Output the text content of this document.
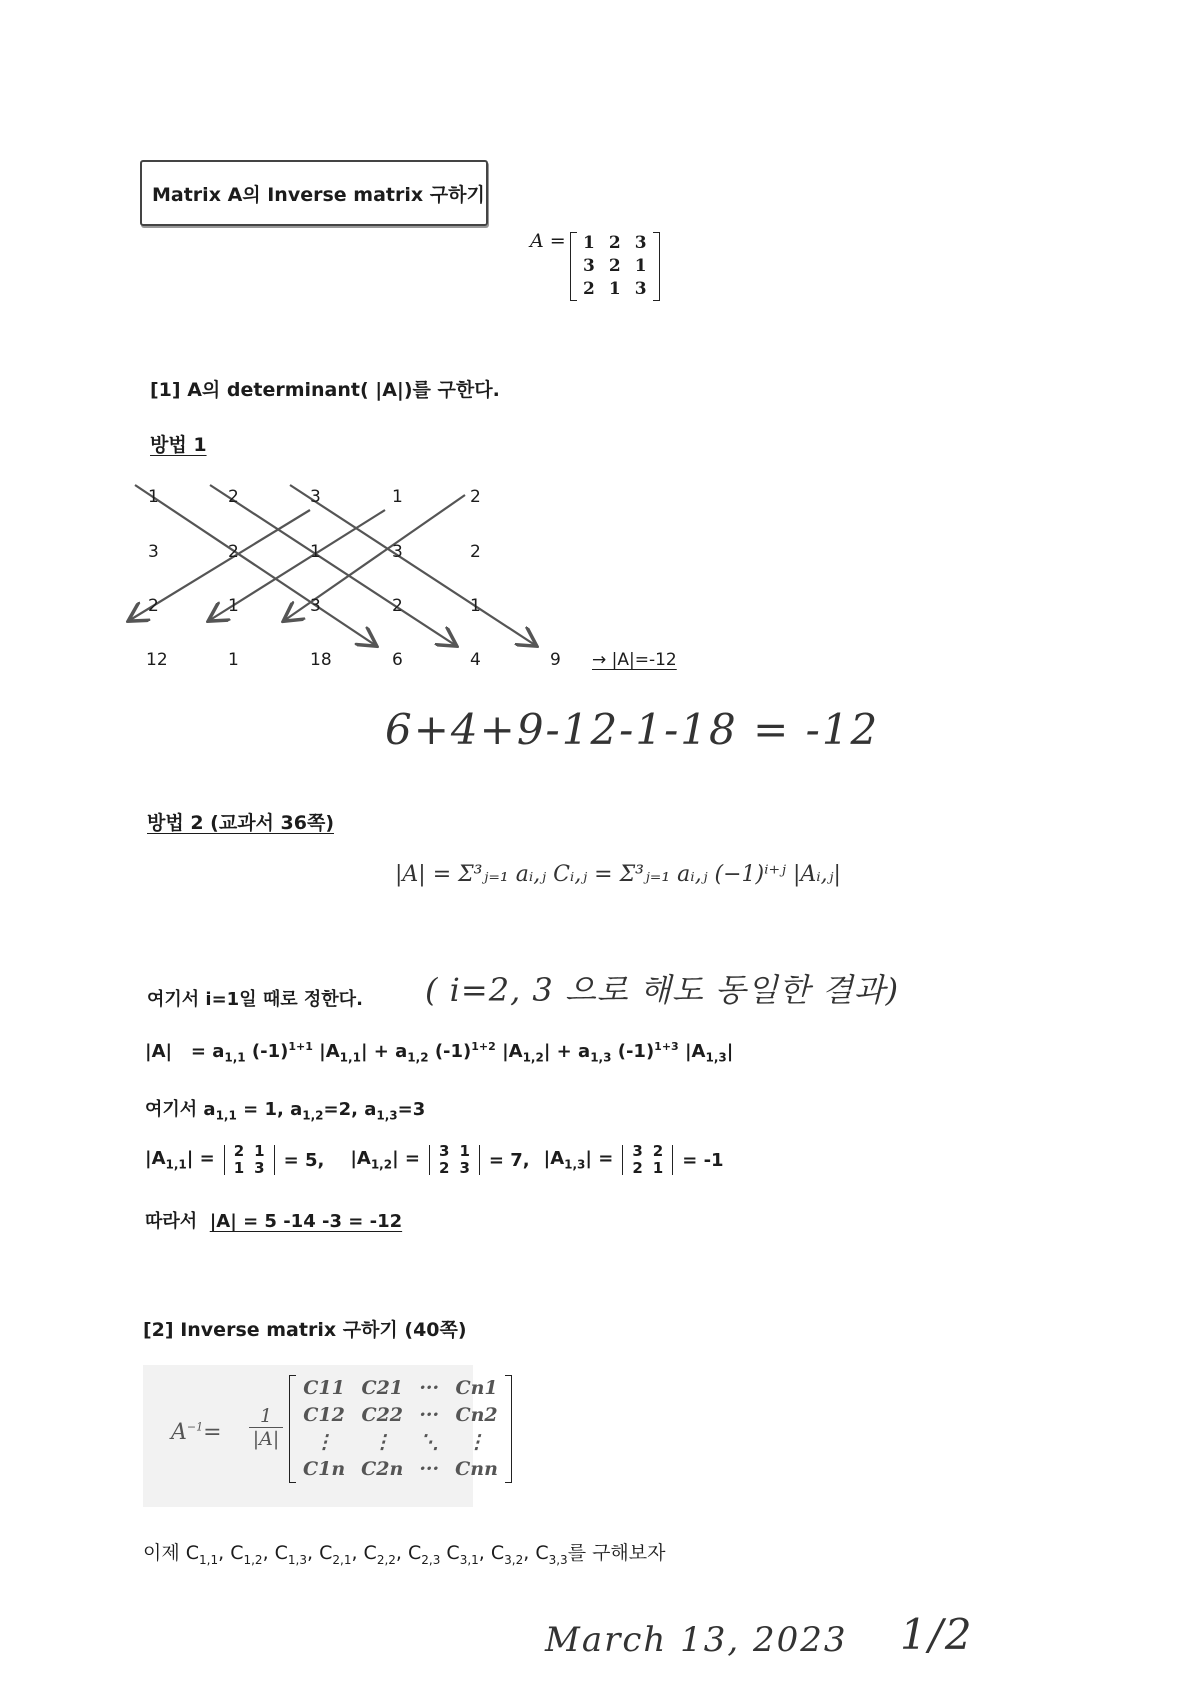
Matrix A의 Inverse matrix 구하기
A = 1	2	3
3	2	1
2	1	3
[1] A의 determinant( |A|)를 구한다.
방법 1
1	2	3	1	2
3	2	1	3	2
2	1	3	2	1
12	1	18	6	4	9 → |A|=-12
6+4+9-12-1-18 = -12
방법 2 (교과서 36쪽)
|A| = Σ³ⱼ₌₁ aᵢ,ⱼ Cᵢ,ⱼ = Σ³ⱼ₌₁ aᵢ,ⱼ (−1)ⁱ⁺ʲ |Aᵢ,ⱼ|
여기서 i=1일 때로 정한다. ( i=2, 3 으로 해도 동일한 결과)
$|A| = a_{1,1}$ $(-1)^{1+1}$ $|A_{1,1}| + a_{1,2}$ $(-1)^{1+2}$ $|A_{1,2}| + a_{1,3}$ $(-1)^{1+3}$ $|A_{1,3}|$
여기서 $a_{1,1} = 1$, $a_{1,2}=2$, $a_{1,3}=3$
$|A_{1,1}| = 2$	1
1	3 = 5, $|A_{1,2}| = 3$	1
2	3 = 7, $|A_{1,3}| = 3$	2
2	1 = -1
따라서 |A| = 5 -14 -3 = -12
[2] Inverse matrix 구하기 (40쪽)
$A^{-1}=$
1
|A|
C11	C21	···	Cn1
C12	C22	···	Cn2
⋮	⋮	⋱	⋮
C1n	C2n	···	Cnn
이제 $C_{1,1}$, $C_{1,2}$, $C_{1,3}$, $C_{2,1}$, $C_{2,2}$, $C_{2,3}$ $C_{3,1}$, $C_{3,2}$, $C_{3,3}$를 구해보자
March 13, 2023 1/2
